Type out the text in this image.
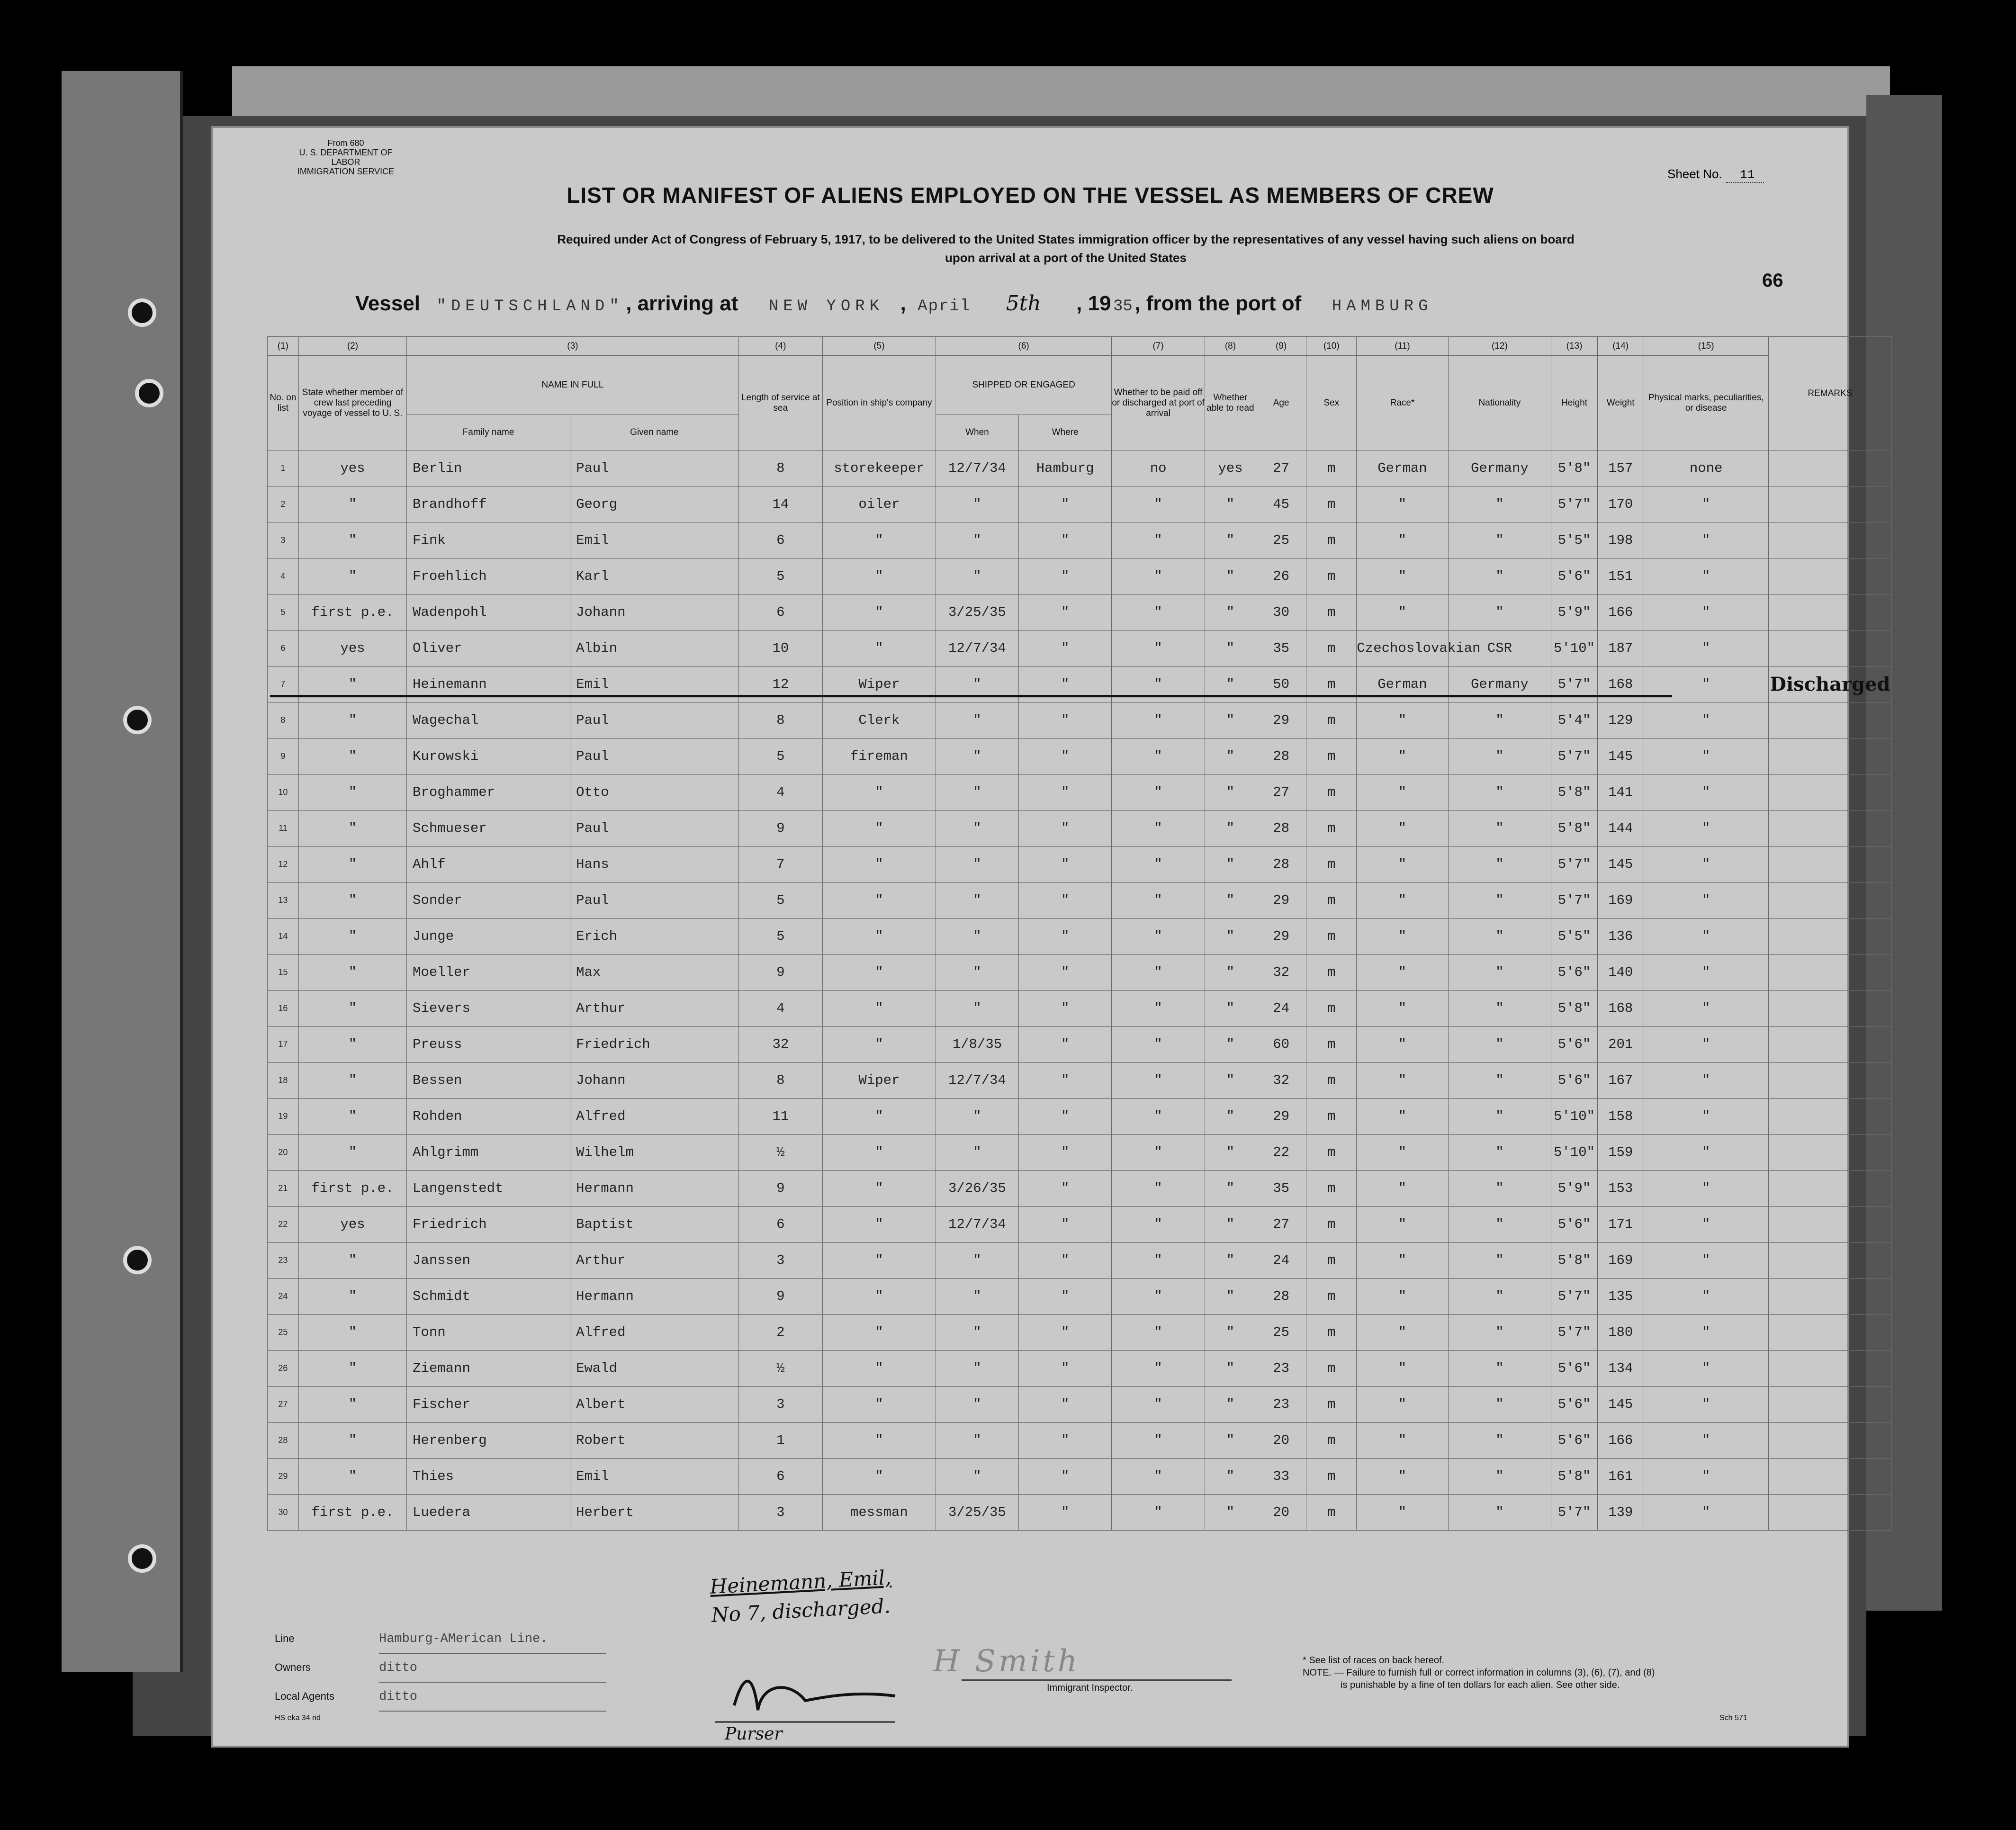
From 680
U. S. DEPARTMENT OF LABOR
IMMIGRATION SERVICE	Sheet No. 11
LIST OR MANIFEST OF ALIENS EMPLOYED ON THE VESSEL AS MEMBERS OF CREW
Required under Act of Congress of February 5, 1917, to be delivered to the United States immigration officer by the representatives of any vessel having such aliens on board
upon arrival at a port of the United States
66
Vessel "DEUTSCHLAND" , arriving at NEW YORK , April 5th , 19 35 , from the port of HAMBURG
(1)	(2)	(3)		(4)	(5)	(6)		(7)	(8)	(9)	(10)	(11)	(12)	(13)	(14)	(15)	REMARKS
No. on list	State whether member of crew last preceding voyage of vessel to U. S.	NAME IN FULL		Length of service at sea	Position in ship's company	SHIPPED OR ENGAGED		Whether to be paid off or discharged at port of arrival	Whether able to read	Age	Sex	Race*	Nationality	Height	Weight	Physical marks, peculiarities, or disease	
		Family name	Given name			When	Where										
1	yes	Berlin	Paul	8	storekeeper	12/7/34	Hamburg	no	yes	27	m	German	Germany	5'8"	157	none	
2	"	Brandhoff	Georg	14	oiler	"	"	"	"	45	m	"	"	5'7"	170	"	
3	"	Fink	Emil	6	"	"	"	"	"	25	m	"	"	5'5"	198	"	
4	"	Froehlich	Karl	5	"	"	"	"	"	26	m	"	"	5'6"	151	"	
5	first p.e.	Wadenpohl	Johann	6	"	3/25/35	"	"	"	30	m	"	"	5'9"	166	"	
6	yes	Oliver	Albin	10	"	12/7/34	"	"	"	35	m	Czechoslovakian	CSR	5'10"	187	"	
7	"	Heinemann	Emil	12	Wiper	"	"	"	"	50	m	German	Germany	5'7"	168	"	Discharged
8	"	Wagechal	Paul	8	Clerk	"	"	"	"	29	m	"	"	5'4"	129	"	
9	"	Kurowski	Paul	5	fireman	"	"	"	"	28	m	"	"	5'7"	145	"	
10	"	Broghammer	Otto	4	"	"	"	"	"	27	m	"	"	5'8"	141	"	
11	"	Schmueser	Paul	9	"	"	"	"	"	28	m	"	"	5'8"	144	"	
12	"	Ahlf	Hans	7	"	"	"	"	"	28	m	"	"	5'7"	145	"	
13	"	Sonder	Paul	5	"	"	"	"	"	29	m	"	"	5'7"	169	"	
14	"	Junge	Erich	5	"	"	"	"	"	29	m	"	"	5'5"	136	"	
15	"	Moeller	Max	9	"	"	"	"	"	32	m	"	"	5'6"	140	"	
16	"	Sievers	Arthur	4	"	"	"	"	"	24	m	"	"	5'8"	168	"	
17	"	Preuss	Friedrich	32	"	1/8/35	"	"	"	60	m	"	"	5'6"	201	"	
18	"	Bessen	Johann	8	Wiper	12/7/34	"	"	"	32	m	"	"	5'6"	167	"	
19	"	Rohden	Alfred	11	"	"	"	"	"	29	m	"	"	5'10"	158	"	
20	"	Ahlgrimm	Wilhelm	½	"	"	"	"	"	22	m	"	"	5'10"	159	"	
21	first p.e.	Langenstedt	Hermann	9	"	3/26/35	"	"	"	35	m	"	"	5'9"	153	"	
22	yes	Friedrich	Baptist	6	"	12/7/34	"	"	"	27	m	"	"	5'6"	171	"	
23	"	Janssen	Arthur	3	"	"	"	"	"	24	m	"	"	5'8"	169	"	
24	"	Schmidt	Hermann	9	"	"	"	"	"	28	m	"	"	5'7"	135	"	
25	"	Tonn	Alfred	2	"	"	"	"	"	25	m	"	"	5'7"	180	"	
26	"	Ziemann	Ewald	½	"	"	"	"	"	23	m	"	"	5'6"	134	"	
27	"	Fischer	Albert	3	"	"	"	"	"	23	m	"	"	5'6"	145	"	
28	"	Herenberg	Robert	1	"	"	"	"	"	20	m	"	"	5'6"	166	"	
29	"	Thies	Emil	6	"	"	"	"	"	33	m	"	"	5'8"	161	"	
30	first p.e.	Luedera	Herbert	3	messman	3/25/35	"	"	"	20	m	"	"	5'7"	139	"	
Heinemann, Emil,
No 7, discharged.
Line	Hamburg-AMerican Line.
Owners	ditto
Local Agents	ditto
HS eka 34 nd
Purser
H Smith
Immigrant Inspector.
* See list of races on back hereof.
NOTE. — Failure to furnish full or correct information in columns (3), (6), (7), and (8)
is punishable by a fine of ten dollars for each alien. See other side.
Sch 571
